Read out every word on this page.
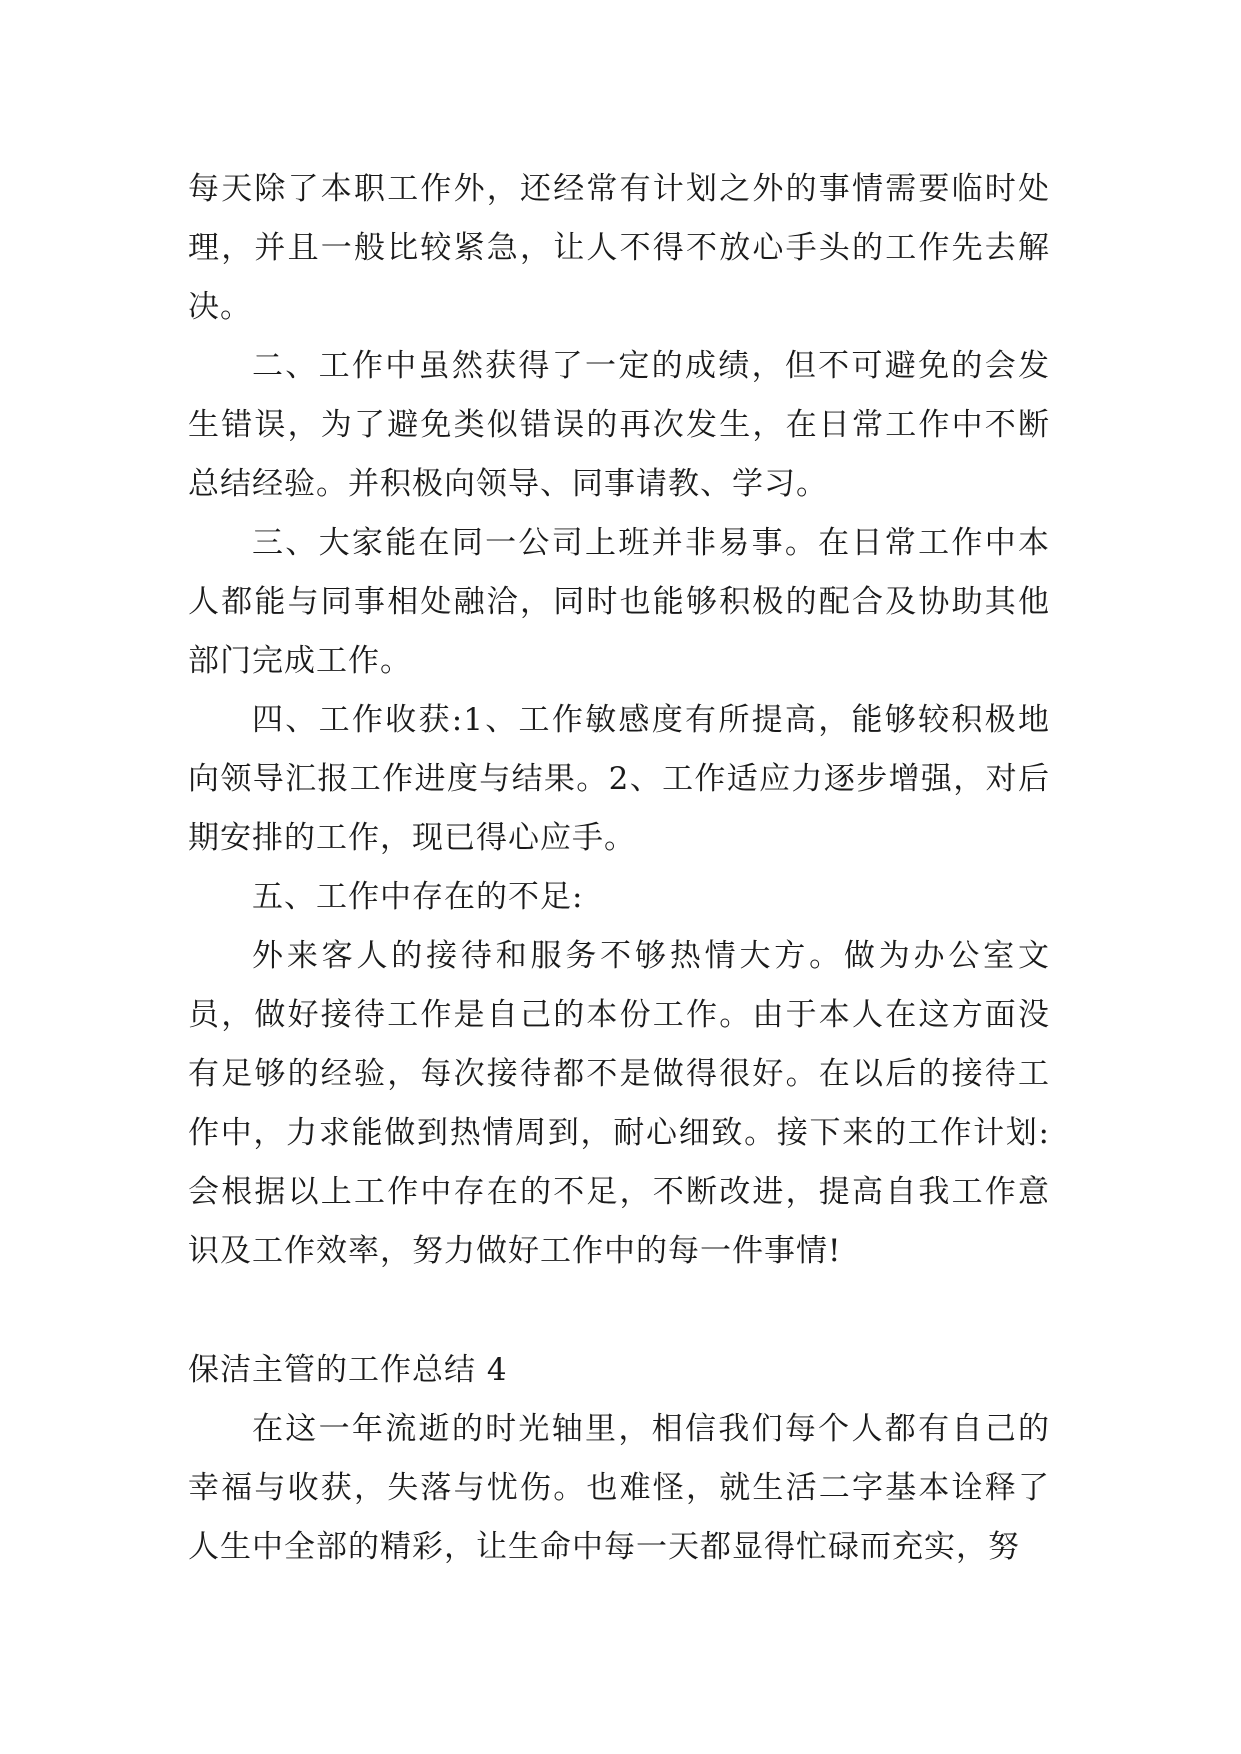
每天除了本职工作外，还经常有计划之外的事情需要临时处理，并且一般比较紧急，让人不得不放心手头的工作先去解决。

二、工作中虽然获得了一定的成绩，但不可避免的会发生错误，为了避免类似错误的再次发生，在日常工作中不断总结经验。并积极向领导、同事请教、学习。

三、大家能在同一公司上班并非易事。在日常工作中本人都能与同事相处融洽，同时也能够积极的配合及协助其他部门完成工作。

四、工作收获:1、工作敏感度有所提高，能够较积极地向领导汇报工作进度与结果。2、工作适应力逐步增强，对后期安排的工作，现已得心应手。

五、工作中存在的不足:

外来客人的接待和服务不够热情大方。做为办公室文员，做好接待工作是自己的本份工作。由于本人在这方面没有足够的经验，每次接待都不是做得很好。在以后的接待工作中，力求能做到热情周到，耐心细致。接下来的工作计划:会根据以上工作中存在的不足，不断改进，提高自我工作意识及工作效率，努力做好工作中的每一件事情!

保洁主管的工作总结 4

在这一年流逝的时光轴里，相信我们每个人都有自己的幸福与收获，失落与忧伤。也难怪，就生活二字基本诠释了人生中全部的精彩，让生命中每一天都显得忙碌而充实，努
